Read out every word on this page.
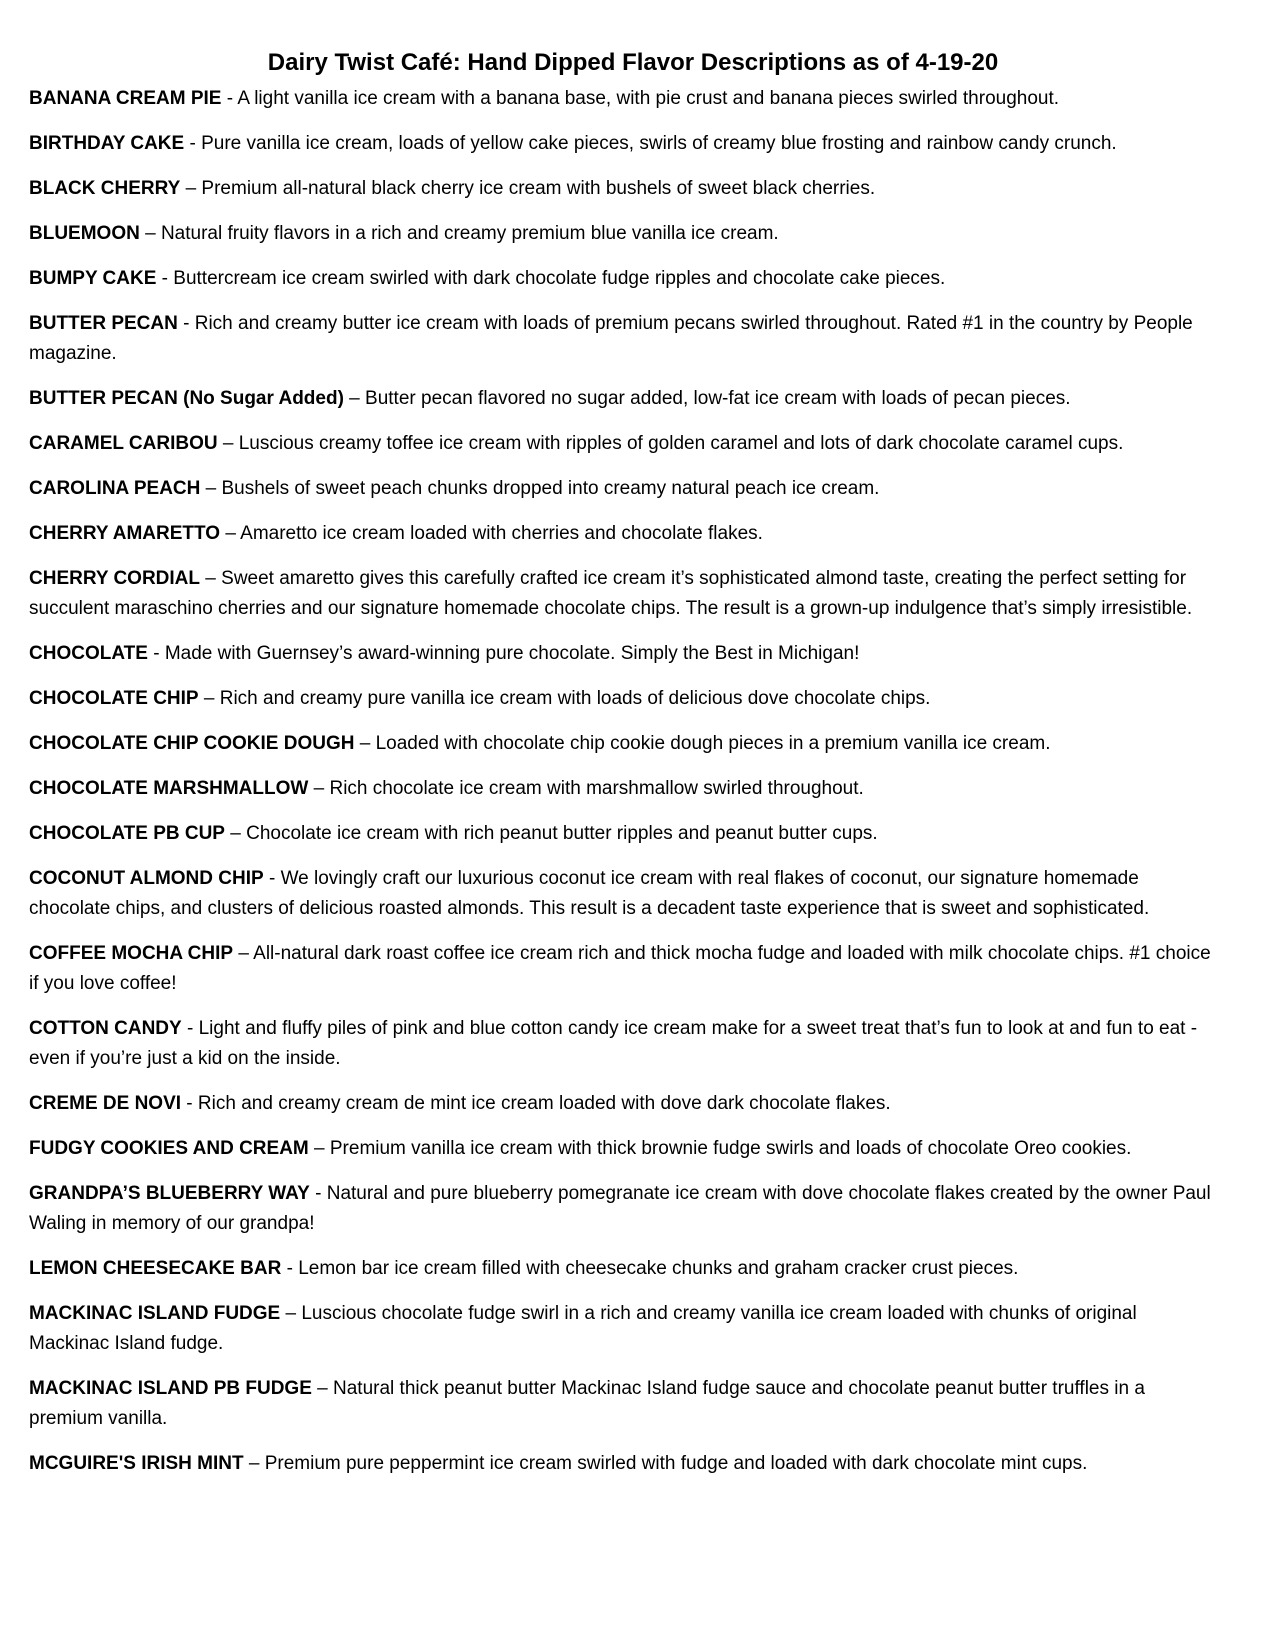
Dairy Twist Café: Hand Dipped Flavor Descriptions as of 4-19-20
BANANA CREAM PIE - A light vanilla ice cream with a banana base, with pie crust and banana pieces swirled throughout.
BIRTHDAY CAKE - Pure vanilla ice cream, loads of yellow cake pieces, swirls of creamy blue frosting and rainbow candy crunch.
BLACK CHERRY – Premium all-natural black cherry ice cream with bushels of sweet black cherries.
BLUEMOON – Natural fruity flavors in a rich and creamy premium blue vanilla ice cream.
BUMPY CAKE - Buttercream ice cream swirled with dark chocolate fudge ripples and chocolate cake pieces.
BUTTER PECAN - Rich and creamy butter ice cream with loads of premium pecans swirled throughout. Rated #1 in the country by People magazine.
BUTTER PECAN (No Sugar Added) – Butter pecan flavored no sugar added, low-fat ice cream with loads of pecan pieces.
CARAMEL CARIBOU – Luscious creamy toffee ice cream with ripples of golden caramel and lots of dark chocolate caramel cups.
CAROLINA PEACH – Bushels of sweet peach chunks dropped into creamy natural peach ice cream.
CHERRY AMARETTO – Amaretto ice cream loaded with cherries and chocolate flakes.
CHERRY CORDIAL – Sweet amaretto gives this carefully crafted ice cream it’s sophisticated almond taste, creating the perfect setting for succulent maraschino cherries and our signature homemade chocolate chips. The result is a grown-up indulgence that’s simply irresistible.
CHOCOLATE - Made with Guernsey’s award-winning pure chocolate. Simply the Best in Michigan!
CHOCOLATE CHIP – Rich and creamy pure vanilla ice cream with loads of delicious dove chocolate chips.
CHOCOLATE CHIP COOKIE DOUGH – Loaded with chocolate chip cookie dough pieces in a premium vanilla ice cream.
CHOCOLATE MARSHMALLOW – Rich chocolate ice cream with marshmallow swirled throughout.
CHOCOLATE PB CUP – Chocolate ice cream with rich peanut butter ripples and peanut butter cups.
COCONUT ALMOND CHIP - We lovingly craft our luxurious coconut ice cream with real flakes of coconut, our signature homemade chocolate chips, and clusters of delicious roasted almonds. This result is a decadent taste experience that is sweet and sophisticated.
COFFEE MOCHA CHIP – All-natural dark roast coffee ice cream rich and thick mocha fudge and loaded with milk chocolate chips. #1 choice if you love coffee!
COTTON CANDY - Light and fluffy piles of pink and blue cotton candy ice cream make for a sweet treat that’s fun to look at and fun to eat - even if you’re just a kid on the inside.
CREME DE NOVI - Rich and creamy cream de mint ice cream loaded with dove dark chocolate flakes.
FUDGY COOKIES AND CREAM – Premium vanilla ice cream with thick brownie fudge swirls and loads of chocolate Oreo cookies.
GRANDPA’S BLUEBERRY WAY - Natural and pure blueberry pomegranate ice cream with dove chocolate flakes created by the owner Paul Waling in memory of our grandpa!
LEMON CHEESECAKE BAR - Lemon bar ice cream filled with cheesecake chunks and graham cracker crust pieces.
MACKINAC ISLAND FUDGE – Luscious chocolate fudge swirl in a rich and creamy vanilla ice cream loaded with chunks of original Mackinac Island fudge.
MACKINAC ISLAND PB FUDGE – Natural thick peanut butter Mackinac Island fudge sauce and chocolate peanut butter truffles in a premium vanilla.
MCGUIRE'S IRISH MINT – Premium pure peppermint ice cream swirled with fudge and loaded with dark chocolate mint cups.
